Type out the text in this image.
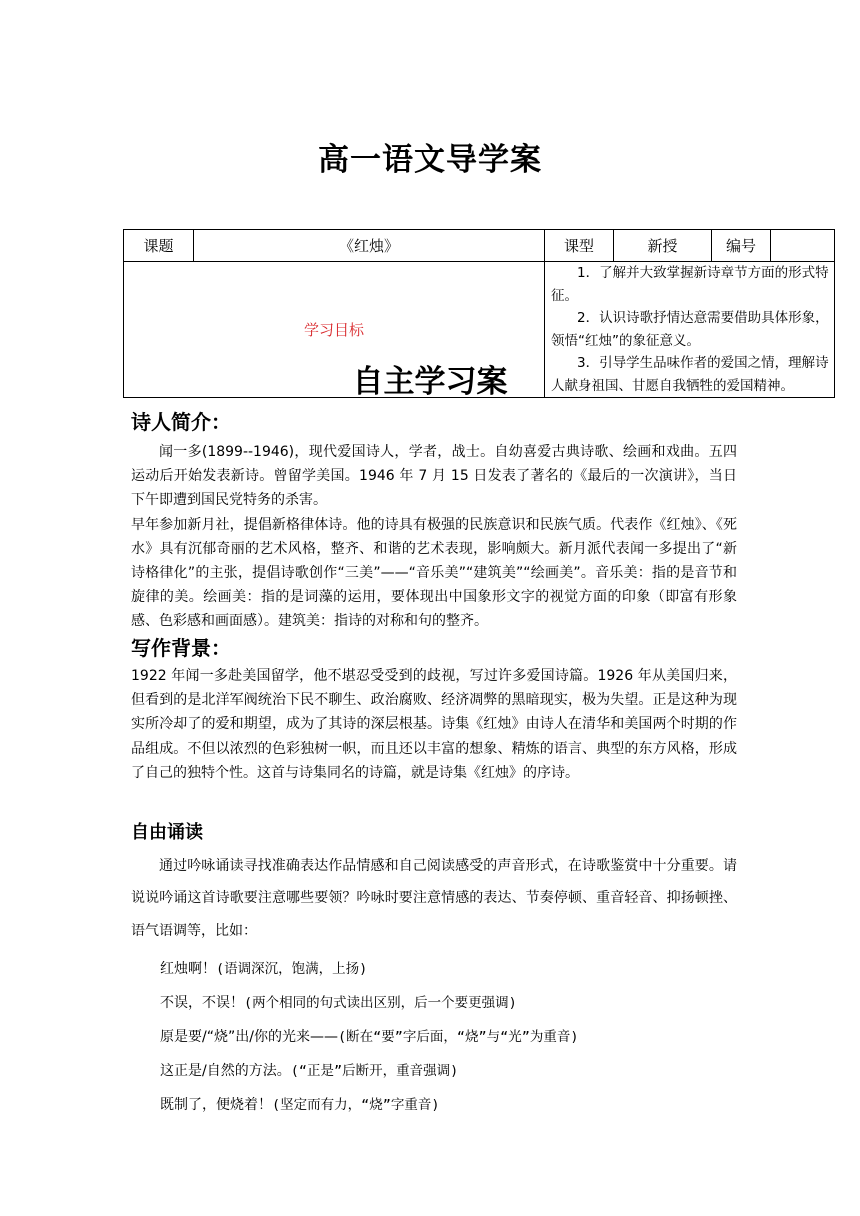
高一语文导学案
课题	《红烛》	课型	新授	编号	
学习目标		1．了解并大致掌握新诗章节方面的形式特征。

2．认识诗歌抒情达意需要借助具体形象，领悟“红烛”的象征意义。

3．引导学生品味作者的爱国之情，理解诗人献身祖国、甘愿自我牺牲的爱国精神。			

自主学习案
诗人简介：

闻一多(1899--1946)，现代爱国诗人，学者，战士。自幼喜爱古典诗歌、绘画和戏曲。五四运动后开始发表新诗。曾留学美国。1946 年 7 月 15 日发表了著名的《最后的一次演讲》，当日下午即遭到国民党特务的杀害。

早年参加新月社，提倡新格律体诗。他的诗具有极强的民族意识和民族气质。代表作《红烛》、《死水》具有沉郁奇丽的艺术风格，整齐、和谐的艺术表现，影响颇大。新月派代表闻一多提出了“新诗格律化”的主张，提倡诗歌创作“三美”——“音乐美”“建筑美”“绘画美”。音乐美：指的是音节和旋律的美。绘画美：指的是词藻的运用，要体现出中国象形文字的视觉方面的印象（即富有形象感、色彩感和画面感）。建筑美：指诗的对称和句的整齐。

写作背景：

1922 年闻一多赴美国留学，他不堪忍受受到的歧视，写过许多爱国诗篇。1926 年从美国归来，但看到的是北洋军阀统治下民不聊生、政治腐败、经济凋弊的黑暗现实，极为失望。正是这种为现实所冷却了的爱和期望，成为了其诗的深层根基。诗集《红烛》由诗人在清华和美国两个时期的作品组成。不但以浓烈的色彩独树一帜，而且还以丰富的想象、精炼的语言、典型的东方风格，形成了自己的独特个性。这首与诗集同名的诗篇，就是诗集《红烛》的序诗。

自由诵读

通过吟咏诵读寻找准确表达作品情感和自己阅读感受的声音形式，在诗歌鉴赏中十分重要。请说说吟诵这首诗歌要注意哪些要领？吟咏时要注意情感的表达、节奏停顿、重音轻音、抑扬顿挫、语气语调等，比如：

红烛啊！(语调深沉，饱满，上扬)
不误，不误！(两个相同的句式读出区别，后一个要更强调)
原是要/“烧”出/你的光来——(断在“要”字后面，“烧”与“光”为重音)
这正是/自然的方法。(“正是”后断开，重音强调)
既制了，便烧着！(坚定而有力，“烧”字重音)
